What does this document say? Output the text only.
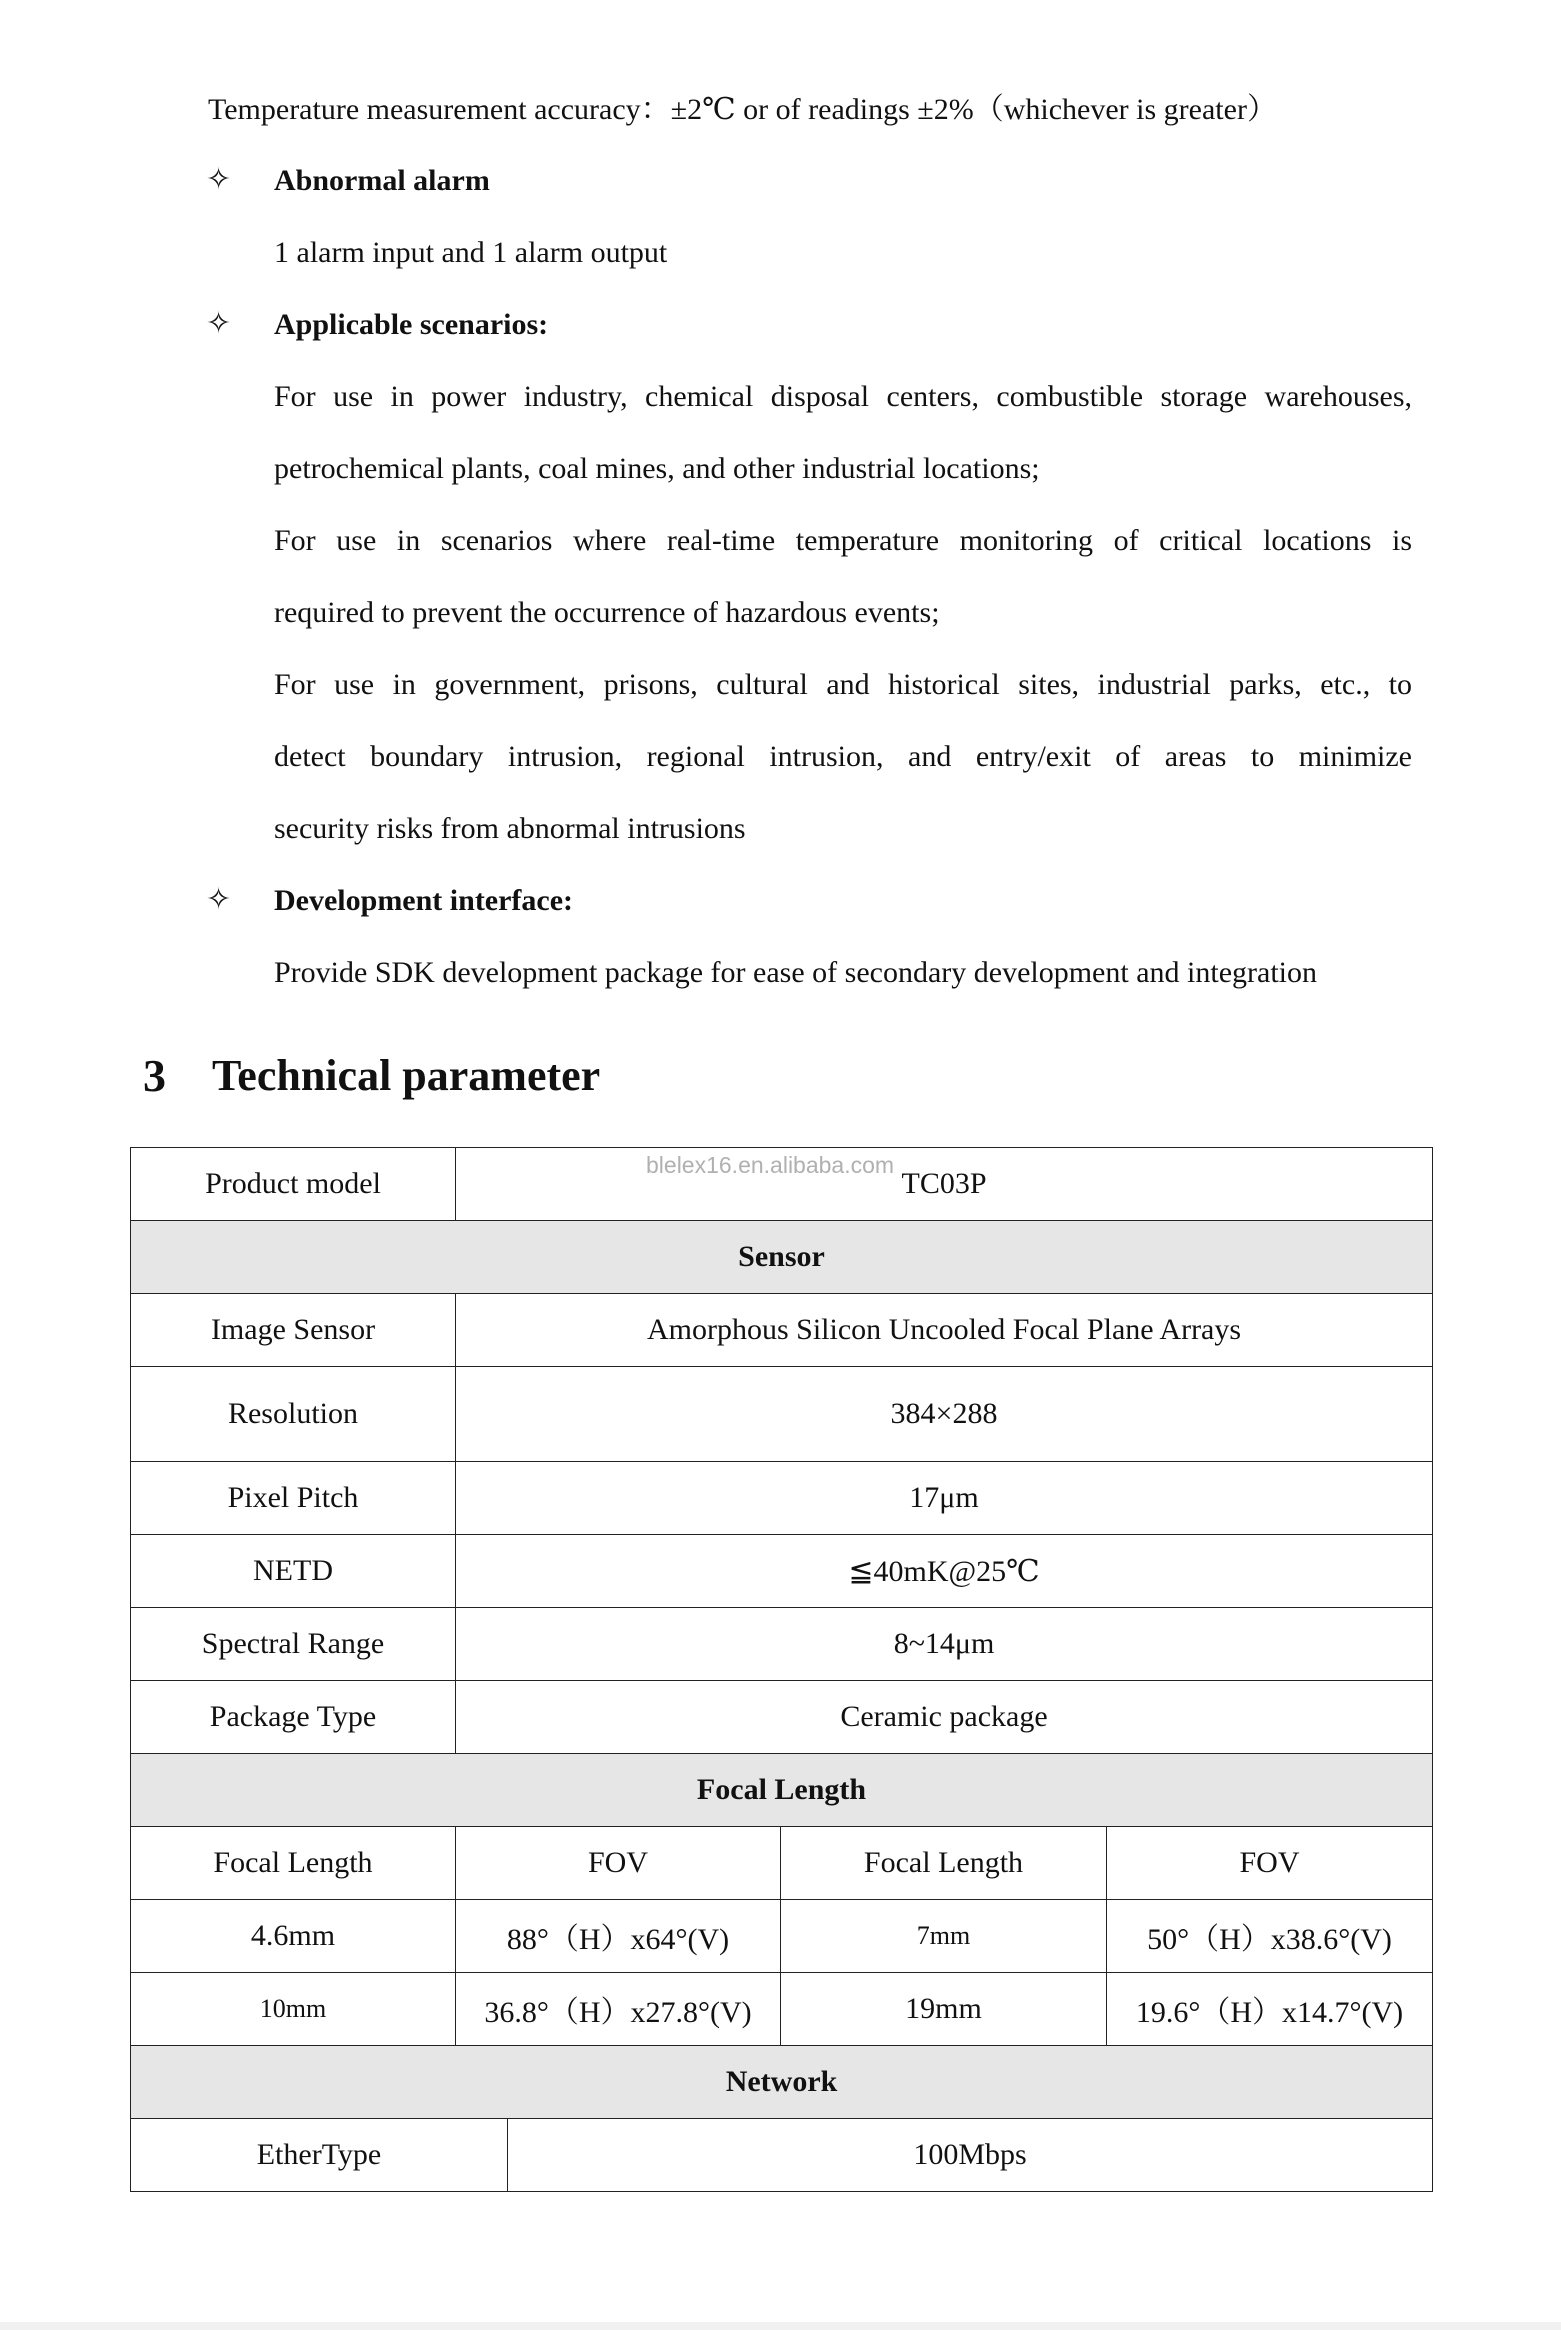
Temperature measurement accuracy：±2℃ or of readings ±2%（whichever is greater）
✧ Abnormal alarm
1 alarm input and 1 alarm output
✧ Applicable scenarios:
For use in power industry, chemical disposal centers, combustible storage warehouses,
petrochemical plants, coal mines, and other industrial locations;
For use in scenarios where real-time temperature monitoring of critical locations is
required to prevent the occurrence of hazardous events;
For use in government, prisons, cultural and historical sites, industrial parks, etc., to
detect boundary intrusion, regional intrusion, and entry/exit of areas to minimize
security risks from abnormal intrusions
✧ Development interface:
Provide SDK development package for ease of secondary development and integration
3 Technical parameter
Product model	TC03P			
Sensor				
Image Sensor	Amorphous Silicon Uncooled Focal Plane Arrays			
Resolution	384×288			
Pixel Pitch	17μm			
NETD	≦40mK@25℃			
Spectral Range	8~14μm			
Package Type	Ceramic package			
Focal Length				
Focal Length	FOV		Focal Length	FOV
4.6mm	88°（H）x64°(V)		7mm	50°（H）x38.6°(V)
10mm	36.8°（H）x27.8°(V)		19mm	19.6°（H）x14.7°(V)
Network				
EtherType		100Mbps		
blelex16.en.alibaba.com
